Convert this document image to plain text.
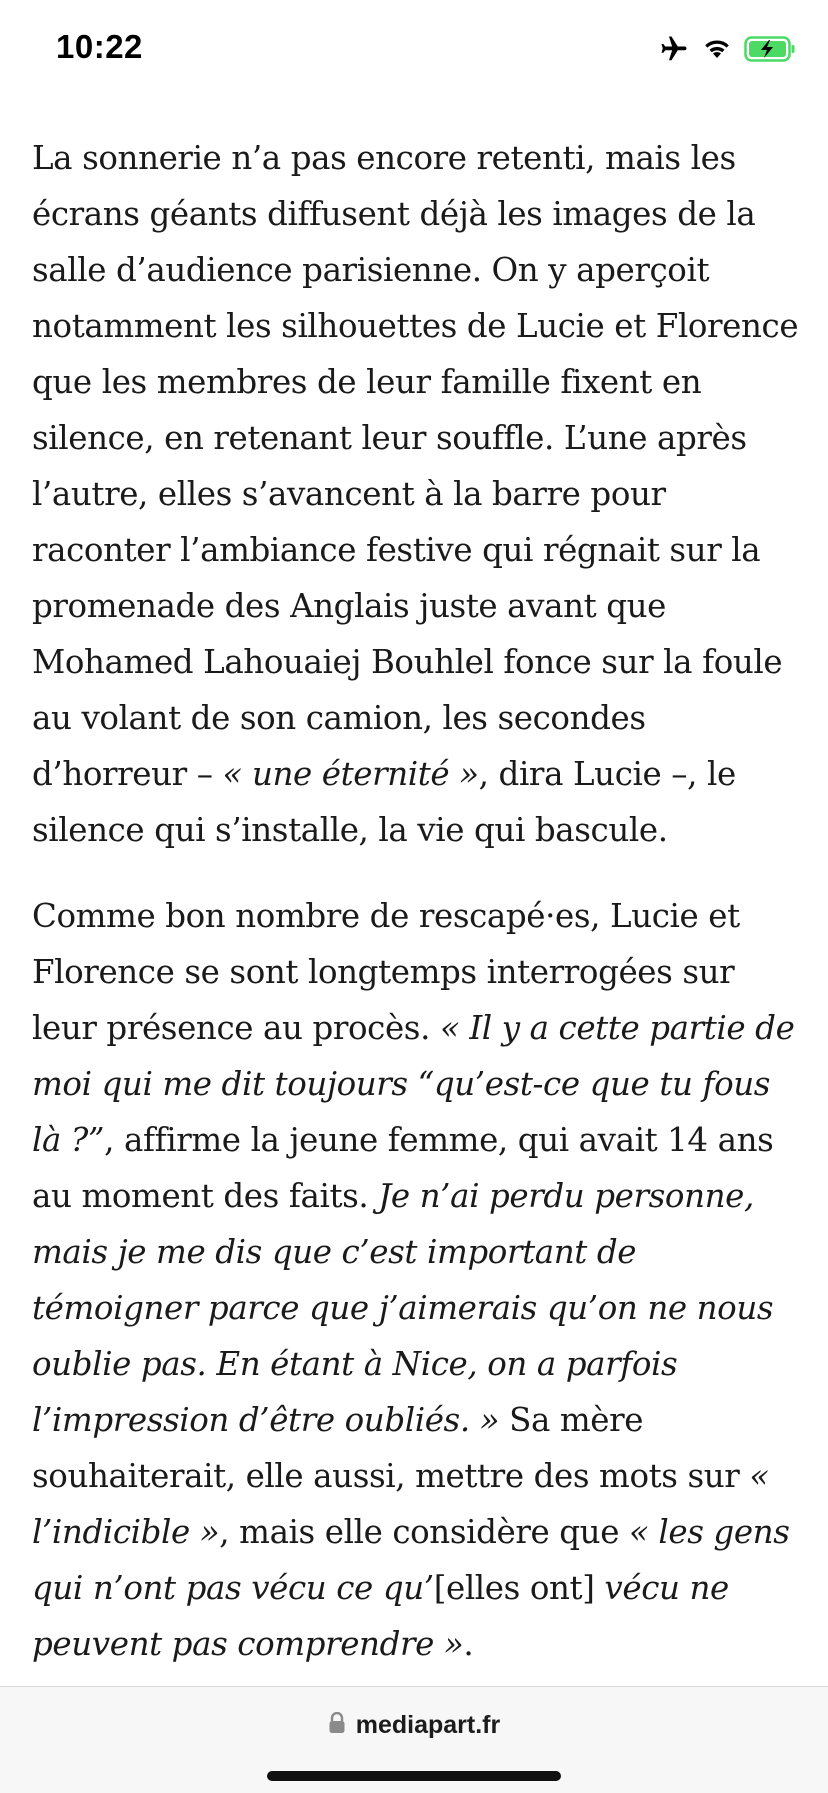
10:22

La sonnerie n’a pas encore retenti, mais les écrans géants diffusent déjà les images de la salle d’audience parisienne. On y aperçoit notamment les silhouettes de Lucie et Florence que les membres de leur famille fixent en silence, en retenant leur souffle. L’une après l’autre, elles s’avancent à la barre pour raconter l’ambiance festive qui régnait sur la promenade des Anglais juste avant que Mohamed Lahouaiej Bouhlel fonce sur la foule au volant de son camion, les secondes d’horreur – « une éternité », dira Lucie –, le silence qui s’installe, la vie qui bascule.

Comme bon nombre de rescapé·es, Lucie et Florence se sont longtemps interrogées sur leur présence au procès. « Il y a cette partie de moi qui me dit toujours “qu’est-ce que tu fous là ?”, affirme la jeune femme, qui avait 14 ans au moment des faits. Je n’ai perdu personne, mais je me dis que c’est important de témoigner parce que j’aimerais qu’on ne nous oublie pas. En étant à Nice, on a parfois l’impression d’être oubliés. » Sa mère souhaiterait, elle aussi, mettre des mots sur « l’indicible », mais elle considère que « les gens qui n’ont pas vécu ce qu’[elles ont] vécu ne peuvent pas comprendre ».

mediapart.fr
